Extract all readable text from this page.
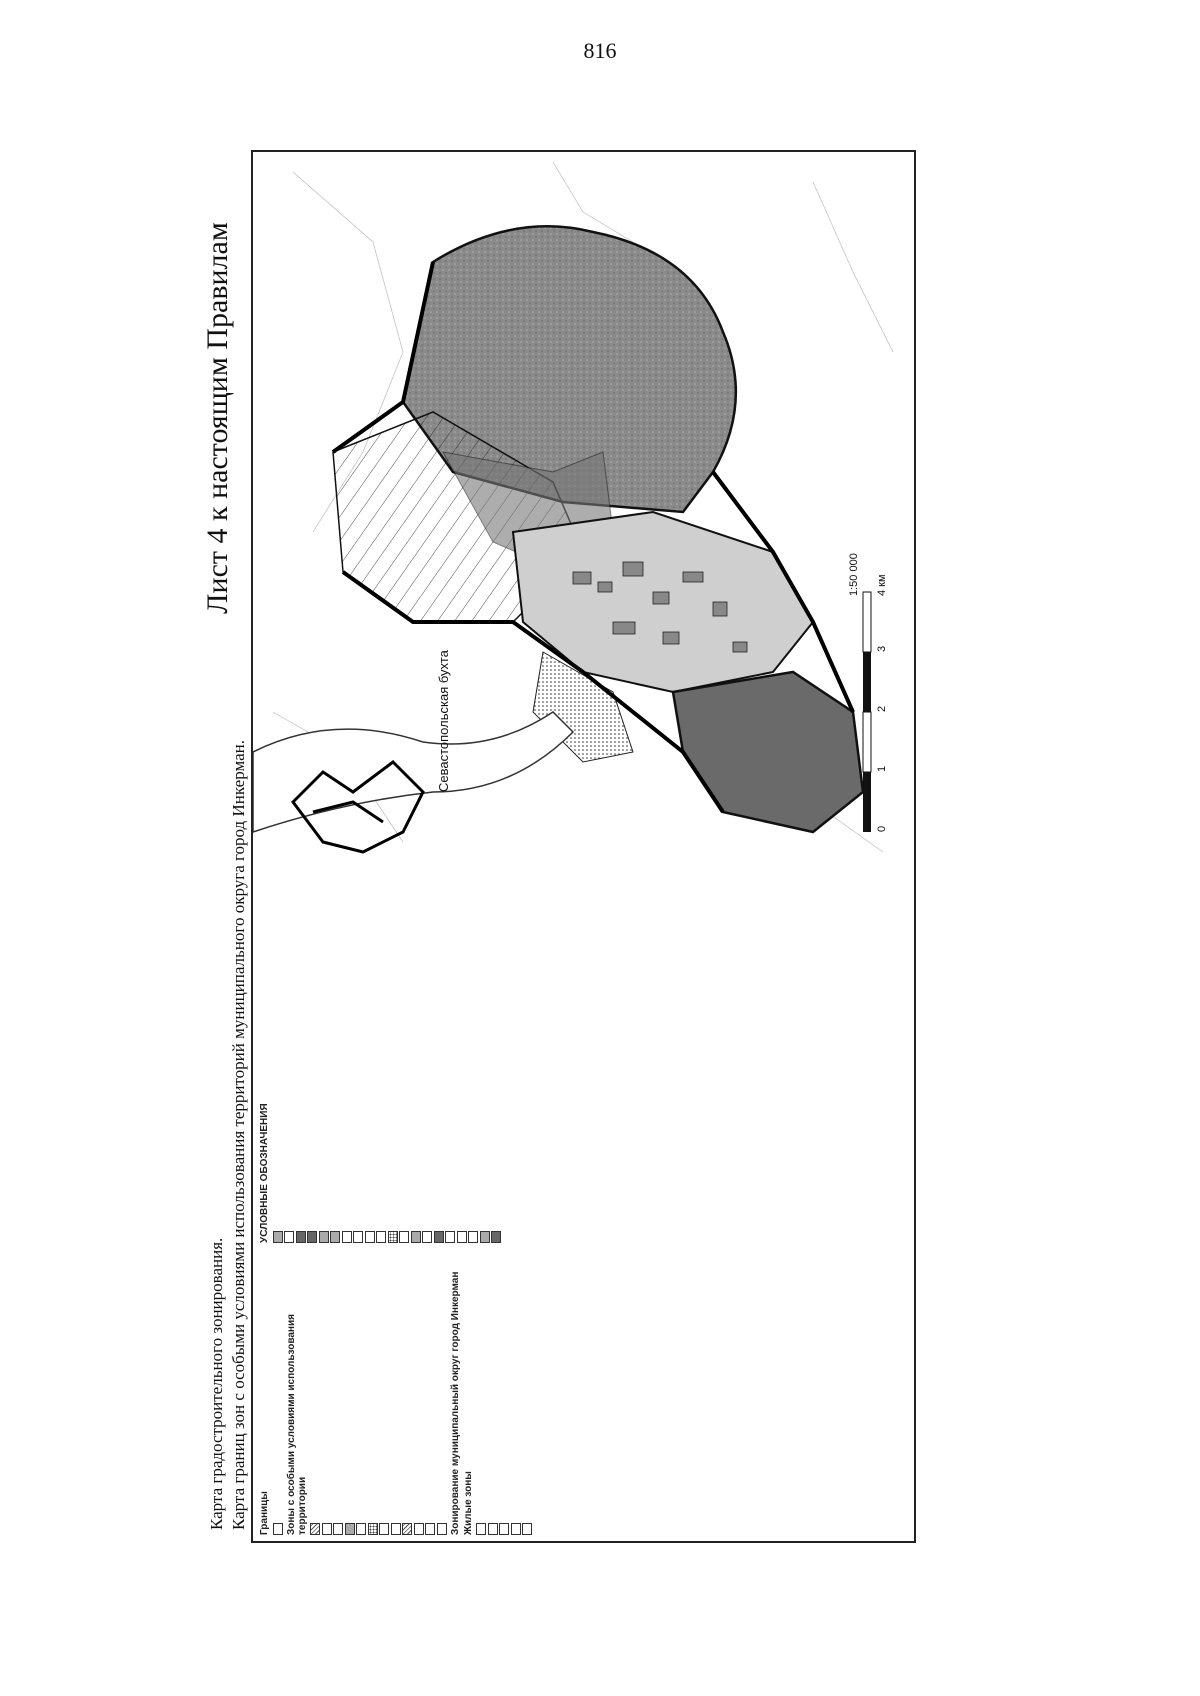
816
Лист 4 к настоящим Правилам
Карта градостроительного зонирования. Карта границ зон с особыми условиями использования территорий муниципального округа город Инкерман.
Севастопольская бухта
0
1
2
3
4 км
1:50 000
Границы Зоны с особыми условиями использования территории	Зонирование муниципальный округ город Инкерман Жилые зоны
УСЛОВНЫЕ ОБОЗНАЧЕНИЯ
